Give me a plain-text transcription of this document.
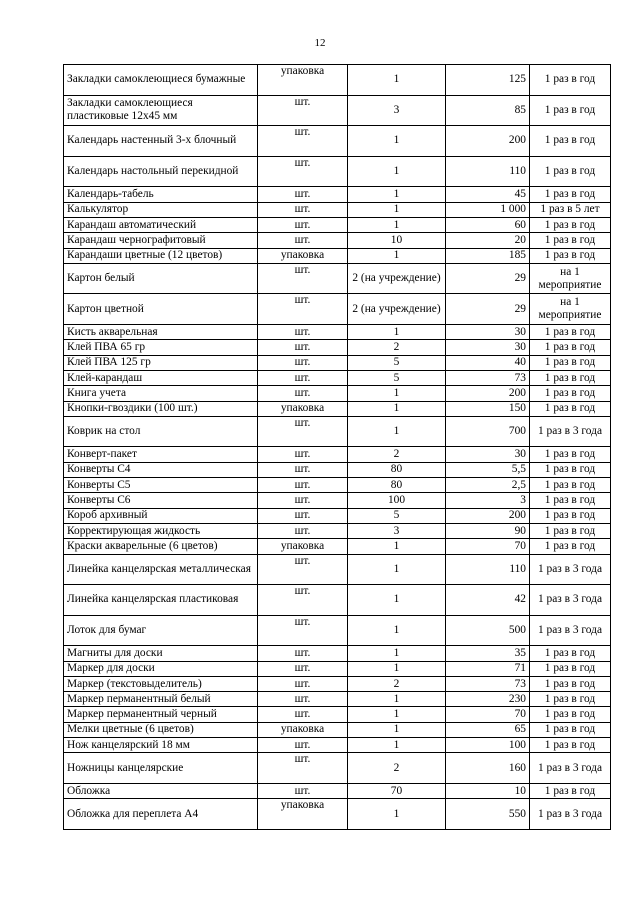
12
Закладки самоклеющиеся бумажные	упаковка	1	125	1 раз в год
Закладки самоклеющиеся пластиковые 12х45 мм	шт.	3	85	1 раз в год
Календарь настенный 3-х блочный	шт.	1	200	1 раз в год
Календарь настольный перекидной	шт.	1	110	1 раз в год
Календарь-табель	шт.	1	45	1 раз в год
Калькулятор	шт.	1	1 000	1 раз в 5 лет
Карандаш автоматический	шт.	1	60	1 раз в год
Карандаш чернографитовый	шт.	10	20	1 раз в год
Карандаши цветные (12 цветов)	упаковка	1	185	1 раз в год
Картон белый	шт.	2 (на учреждение)	29	на 1 мероприятие
Картон цветной	шт.	2 (на учреждение)	29	на 1 мероприятие
Кисть акварельная	шт.	1	30	1 раз в год
Клей ПВА 65 гр	шт.	2	30	1 раз в год
Клей ПВА 125 гр	шт.	5	40	1 раз в год
Клей-карандаш	шт.	5	73	1 раз в год
Книга учета	шт.	1	200	1 раз в год
Кнопки-гвоздики (100 шт.)	упаковка	1	150	1 раз в год
Коврик на стол	шт.	1	700	1 раз в 3 года
Конверт-пакет	шт.	2	30	1 раз в год
Конверты С4	шт.	80	5,5	1 раз в год
Конверты С5	шт.	80	2,5	1 раз в год
Конверты С6	шт.	100	3	1 раз в год
Короб архивный	шт.	5	200	1 раз в год
Корректирующая жидкость	шт.	3	90	1 раз в год
Краски акварельные (6 цветов)	упаковка	1	70	1 раз в год
Линейка канцелярская металлическая	шт.	1	110	1 раз в 3 года
Линейка канцелярская пластиковая	шт.	1	42	1 раз в 3 года
Лоток для бумаг	шт.	1	500	1 раз в 3 года
Магниты для доски	шт.	1	35	1 раз в год
Маркер для доски	шт.	1	71	1 раз в год
Маркер (текстовыделитель)	шт.	2	73	1 раз в год
Маркер перманентный белый	шт.	1	230	1 раз в год
Маркер перманентный черный	шт.	1	70	1 раз в год
Мелки цветные (6 цветов)	упаковка	1	65	1 раз в год
Нож канцелярский 18 мм	шт.	1	100	1 раз в год
Ножницы канцелярские	шт.	2	160	1 раз в 3 года
Обложка	шт.	70	10	1 раз в год
Обложка для переплета А4	упаковка	1	550	1 раз в 3 года
